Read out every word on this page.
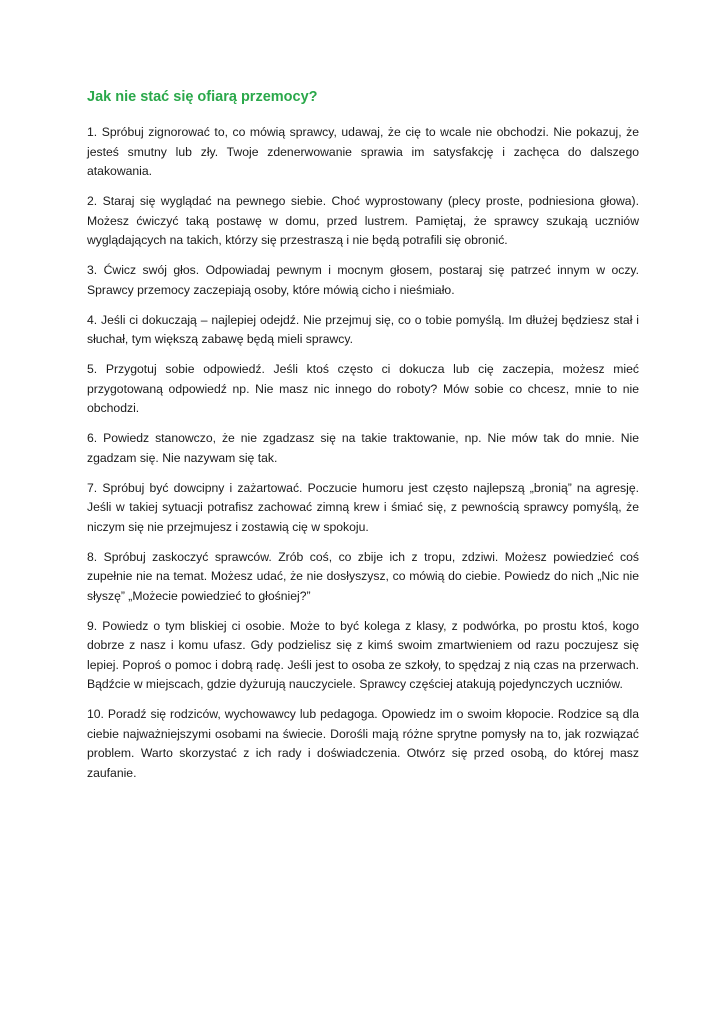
Jak nie stać się ofiarą przemocy?

1. Spróbuj zignorować to, co mówią sprawcy, udawaj, że cię to wcale nie obchodzi. Nie pokazuj, że jesteś smutny lub zły. Twoje zdenerwowanie sprawia im satysfakcję i zachęca do dalszego atakowania.

2. Staraj się wyglądać na pewnego siebie. Choć wyprostowany (plecy proste, podniesiona głowa). Możesz ćwiczyć taką postawę w domu, przed lustrem. Pamiętaj, że sprawcy szukają uczniów wyglądających na takich, którzy się przestraszą i nie będą potrafili się obronić.

3. Ćwicz swój głos. Odpowiadaj pewnym i mocnym głosem, postaraj się patrzeć innym w oczy. Sprawcy przemocy zaczepiają osoby, które mówią cicho i nieśmiało.

4. Jeśli ci dokuczają – najlepiej odejdź. Nie przejmuj się, co o tobie pomyślą. Im dłużej będziesz stał i słuchał, tym większą zabawę będą mieli sprawcy.

5. Przygotuj sobie odpowiedź. Jeśli ktoś często ci dokucza lub cię zaczepia, możesz mieć przygotowaną odpowiedź np. Nie masz nic innego do roboty? Mów sobie co chcesz, mnie to nie obchodzi.

6. Powiedz stanowczo, że nie zgadzasz się na takie traktowanie, np. Nie mów tak do mnie. Nie zgadzam się. Nie nazywam się tak.

7. Spróbuj być dowcipny i zażartować. Poczucie humoru jest często najlepszą „bronią” na agresję. Jeśli w takiej sytuacji potrafisz zachować zimną krew i śmiać się, z pewnością sprawcy pomyślą, że niczym się nie przejmujesz i zostawią cię w spokoju.

8. Spróbuj zaskoczyć sprawców. Zrób coś, co zbije ich z tropu, zdziwi. Możesz powiedzieć coś zupełnie nie na temat. Możesz udać, że nie dosłyszysz, co mówią do ciebie. Powiedz do nich „Nic nie słyszę” „Możecie powiedzieć to głośniej?”

9. Powiedz o tym bliskiej ci osobie. Może to być kolega z klasy, z podwórka, po prostu ktoś, kogo dobrze z nasz i komu ufasz. Gdy podzielisz się z kimś swoim zmartwieniem od razu poczujesz się lepiej. Poproś o pomoc i dobrą radę. Jeśli jest to osoba ze szkoły, to spędzaj z nią czas na przerwach. Bądźcie w miejscach, gdzie dyżurują nauczyciele. Sprawcy częściej atakują pojedynczych uczniów.

10. Poradź się rodziców, wychowawcy lub pedagoga. Opowiedz im o swoim kłopocie. Rodzice są dla ciebie najważniejszymi osobami na świecie. Dorośli mają różne sprytne pomysły na to, jak rozwiązać problem. Warto skorzystać z ich rady i doświadczenia. Otwórz się przed osobą, do której masz zaufanie.
